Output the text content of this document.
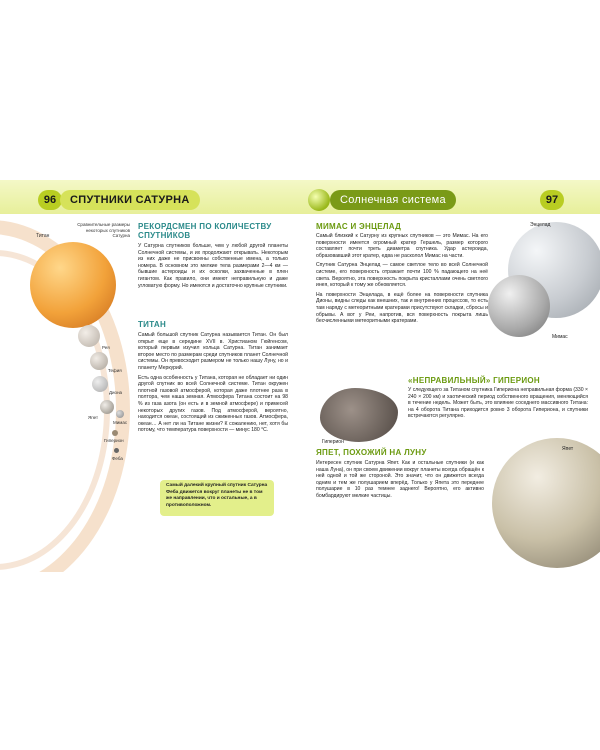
96	СПУТНИКИ САТУРНА	Солнечная система	97
Сравнительные размеры
некоторых спутников
Сатурна
Титан
Рея
Тефия
Диона
Япет
Мимас
Гиперион
Феба
РЕКОРДСМЕН ПО КОЛИЧЕСТВУ СПУТНИКОВ

У Сатурна спутников больше, чем у любой другой планеты Солнечной системы, и их продолжают открывать. Некоторым из них даже не присвоены собственные имена, а только номера. В основном это мелкие тела размерами 2—4 км — бывшие астероиды и их осколки, захваченные в плен гигантом. Как правило, они имеют неправильную и даже угловатую форму. Но имеются и достаточно крупные спутники.

ТИТАН

Самый большой спутник Сатурна называется Титан. Он был открыт еще в середине XVII в. Христианом Гюйгенсом, который первым изучил кольца Сатурна. Титан занимает второе место по размерам среди спутников планет Солнечной системы. Он превосходит размером не только нашу Луну, но и планету Меркурий.

Есть одна особенность у Титана, которая не обладает ни один другой спутник во всей Солнечной системе. Титан окружен плотной газовой атмосферой, которая даже плотнее раза в полтора, чем наша земная. Атмосфера Титана состоит на 98 % из газа азота (он есть и в земной атмосфере) и примесей некоторых других газов. Под атмосферой, вероятно, находится океан, состоящий из сжиженных газов. Атмосфера, океан… А нет ли на Титане жизни? К сожалению, нет, хотя бы потому, что температура поверхности — минус 180 °С.

Самый далекий крупный спутник Сатурна Феба движется вокруг планеты не в том же направлении, что и остальные, а в противоположном.
МИМАС И ЭНЦЕЛАД

Самый близкий к Сатурну из крупных спутников — это Мимас. На его поверхности имеется огромный кратер Гершель, размер которого составляет почти треть диаметра спутника. Удар астероида, образовавший этот кратер, едва не расколол Мимас на части.

Спутник Сатурна Энцелад — самое светлое тело во всей Солнечной системе, его поверхность отражает почти 100 % падающего на неё света. Вероятно, эта поверхность покрыта кристаллами очень светлого инея, который к тому же обновляется.

На поверхности Энцелада, в ещё более на поверхности спутника Дионы, видны следы как внешних, так и внутренних процессов, то есть там наряду с метеоритными кратерами присутствуют складки, сбросы и обрывы. А вот у Реи, напротив, вся поверхность покрыта лишь бесчисленными метеоритными кратерами.

«НЕПРАВИЛЬНЫЙ» ГИПЕРИОН

У следующего за Титаном спутника Гипериона неправильная форма (330 × 240 × 200 км) и хаотический период собственного вращения, меняющийся в течение недель. Может быть, это влияние соседнего массивного Титана: на 4 оборота Титана приходится ровно 3 оборота Гипериона, и спутники встречаются регулярно.

ЯПЕТ, ПОХОЖИЙ НА ЛУНУ

Интересен спутник Сатурна Япет. Как и остальные спутники (и как наша Луна), он при своем движении вокруг планеты всегда обращён к ней одной и той же стороной. Это значит, что он движется всегда одним и тем же полушарием вперёд. Только у Япета это переднее полушарие в 10 раз темнее заднего! Вероятно, его активно бомбардируют мелкие частицы.

Энцелад
Мимас
Гиперион
Япет
